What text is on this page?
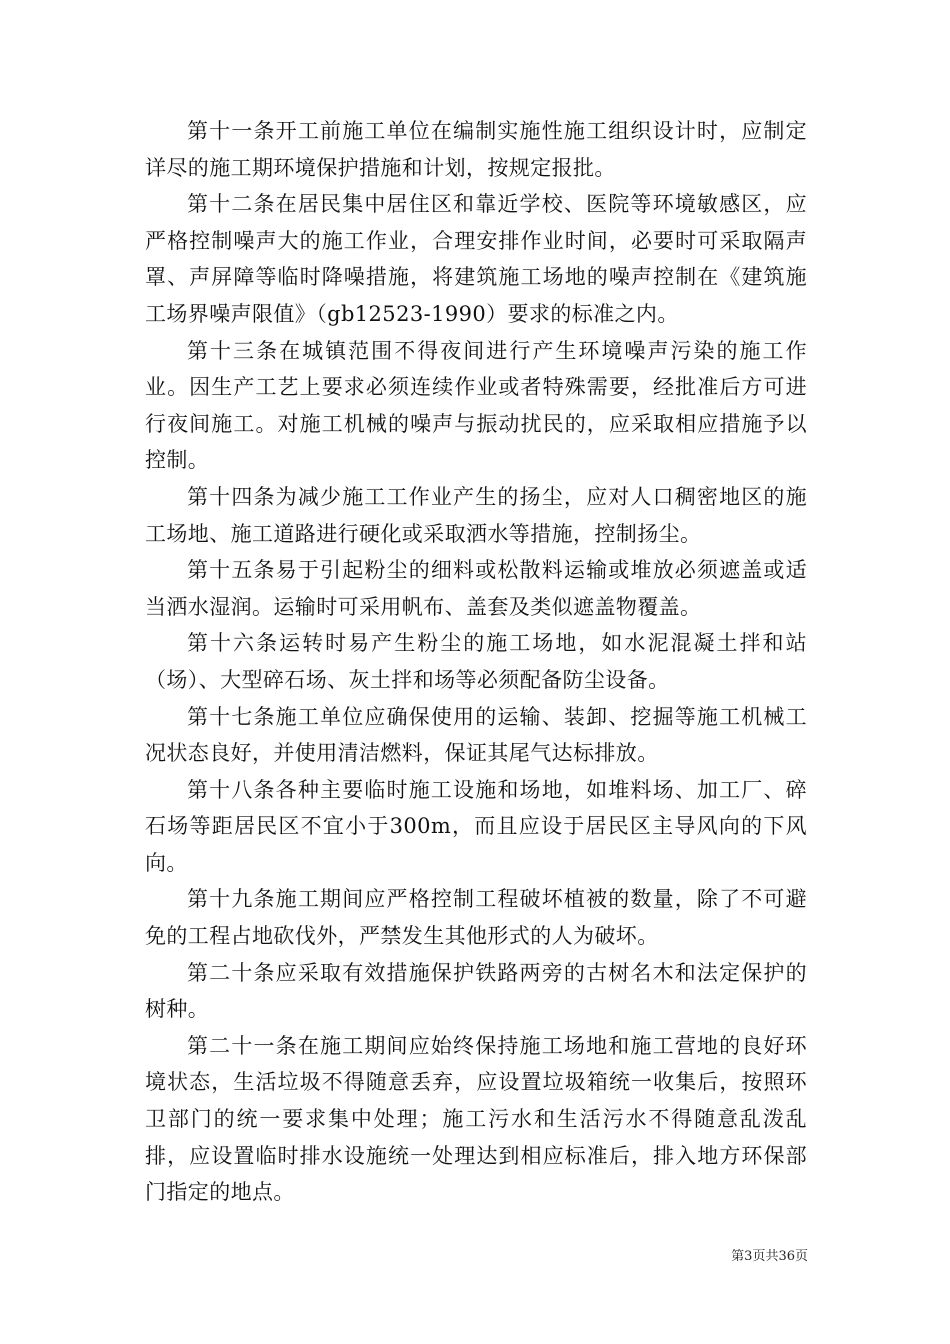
第十一条开工前施工单位在编制实施性施工组织设计时，应制定详尽的施工期环境保护措施和计划，按规定报批。

第十二条在居民集中居住区和靠近学校、医院等环境敏感区，应严格控制噪声大的施工作业，合理安排作业时间，必要时可采取隔声罩、声屏障等临时降噪措施，将建筑施工场地的噪声控制在《建筑施工场界噪声限值》（gb12523-1990）要求的标准之内。

第十三条在城镇范围不得夜间进行产生环境噪声污染的施工作业。因生产工艺上要求必须连续作业或者特殊需要，经批准后方可进行夜间施工。对施工机械的噪声与振动扰民的，应采取相应措施予以控制。

第十四条为减少施工工作业产生的扬尘，应对人口稠密地区的施工场地、施工道路进行硬化或采取洒水等措施，控制扬尘。

第十五条易于引起粉尘的细料或松散料运输或堆放必须遮盖或适当洒水湿润。运输时可采用帆布、盖套及类似遮盖物覆盖。

第十六条运转时易产生粉尘的施工场地，如水泥混凝土拌和站（场）、大型碎石场、灰土拌和场等必须配备防尘设备。

第十七条施工单位应确保使用的运输、装卸、挖掘等施工机械工况状态良好，并使用清洁燃料，保证其尾气达标排放。

第十八条各种主要临时施工设施和场地，如堆料场、加工厂、碎石场等距居民区不宜小于300m，而且应设于居民区主导风向的下风向。

第十九条施工期间应严格控制工程破坏植被的数量，除了不可避免的工程占地砍伐外，严禁发生其他形式的人为破坏。

第二十条应采取有效措施保护铁路两旁的古树名木和法定保护的树种。

第二十一条在施工期间应始终保持施工场地和施工营地的良好环境状态，生活垃圾不得随意丢弃，应设置垃圾箱统一收集后，按照环卫部门的统一要求集中处理；施工污水和生活污水不得随意乱泼乱排，应设置临时排水设施统一处理达到相应标准后，排入地方环保部门指定的地点。

第3页共36页
